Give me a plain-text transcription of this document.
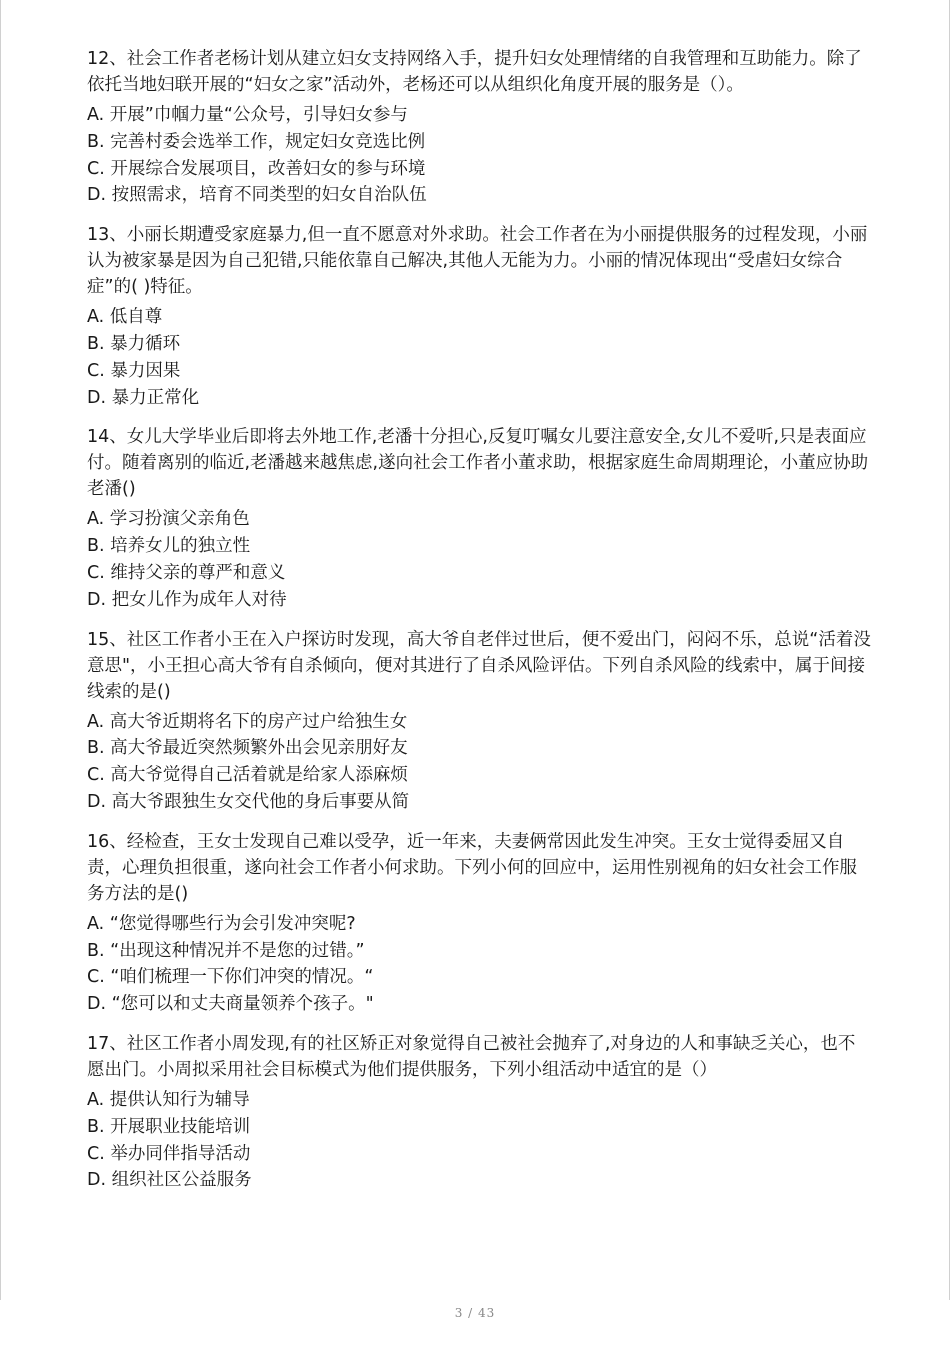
12、社会工作者老杨计划从建立妇女支持网络入手，提升妇女处理情绪的自我管理和互助能力。除了依托当地妇联开展的“妇女之家”活动外，老杨还可以从组织化角度开展的服务是（）。

A. 开展”巾帼力量“公众号，引导妇女参与

B. 完善村委会选举工作，规定妇女竞选比例

C. 开展综合发展项目，改善妇女的参与环境

D. 按照需求，培育不同类型的妇女自治队伍

13、小丽长期遭受家庭暴力,但一直不愿意对外求助。社会工作者在为小丽提供服务的过程发现，小丽认为被家暴是因为自己犯错,只能依靠自己解决,其他人无能为力。小丽的情况体现出“受虐妇女综合症”的( )特征。

A. 低自尊

B. 暴力循环

C. 暴力因果

D. 暴力正常化

14、女儿大学毕业后即将去外地工作,老潘十分担心,反复叮嘱女儿要注意安全,女儿不爱听,只是表面应付。随着离别的临近,老潘越来越焦虑,遂向社会工作者小董求助，根据家庭生命周期理论，小董应协助老潘()

A. 学习扮演父亲角色

B. 培养女儿的独立性

C. 维持父亲的尊严和意义

D. 把女儿作为成年人对待

15、社区工作者小王在入户探访时发现，高大爷自老伴过世后，便不爱出门，闷闷不乐，总说“活着没意思"，小王担心高大爷有自杀倾向，便对其进行了自杀风险评估。下列自杀风险的线索中，属于间接线索的是()

A. 高大爷近期将名下的房产过户给独生女

B. 高大爷最近突然频繁外出会见亲朋好友

C. 高大爷觉得自己活着就是给家人添麻烦

D. 高大爷跟独生女交代他的身后事要从简

16、经检查，王女士发现自己难以受孕，近一年来，夫妻俩常因此发生冲突。王女士觉得委屈又自责，心理负担很重，遂向社会工作者小何求助。下列小何的回应中，运用性别视角的妇女社会工作服务方法的是()

A. “您觉得哪些行为会引发冲突呢?

B. “出现这种情况并不是您的过错。”

C. “咱们梳理一下你们冲突的情况。“

D. “您可以和丈夫商量领养个孩子。"

17、社区工作者小周发现,有的社区矫正对象觉得自己被社会抛弃了,对身边的人和事缺乏关心，也不愿出门。小周拟采用社会目标模式为他们提供服务，下列小组活动中适宜的是（）

A. 提供认知行为辅导

B. 开展职业技能培训

C. 举办同伴指导活动

D. 组织社区公益服务

3 / 43
